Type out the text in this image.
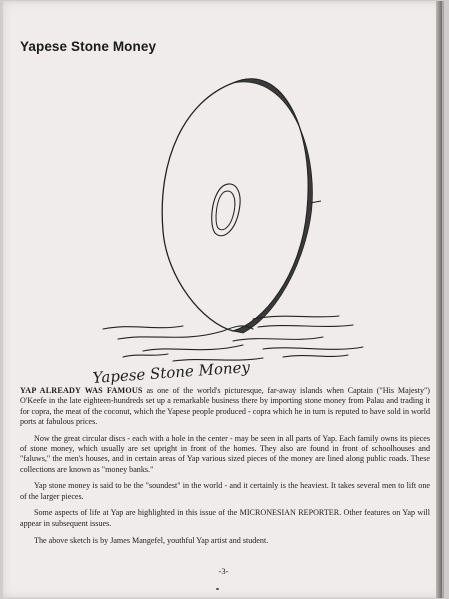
Yapese Stone Money
Yapese Stone Money

YAP ALREADY WAS FAMOUS as one of the world's picturesque, far-away islands when Captain ("His Majesty") O'Keefe in the late eighteen-hundreds set up a remarkable business there by importing stone money from Palau and trading it for copra, the meat of the coconut, which the Yapese people produced - copra which he in turn is reputed to have sold in world ports at fabulous prices.

Now the great circular discs - each with a hole in the center - may be seen in all parts of Yap. Each family owns its pieces of stone money, which usually are set upright in front of the homes. They also are found in front of schoolhouses and "faluws," the men's houses, and in certain areas of Yap various sized pieces of the money are lined along public roads. These collections are known as "money banks."

Yap stone money is said to be the "soundest" in the world - and it certainly is the heaviest. It takes several men to lift one of the larger pieces.

Some aspects of life at Yap are highlighted in this issue of the MICRONESIAN REPORTER. Other features on Yap will appear in subsequent issues.

The above sketch is by James Mangefel, youthful Yap artist and student.

-3-
